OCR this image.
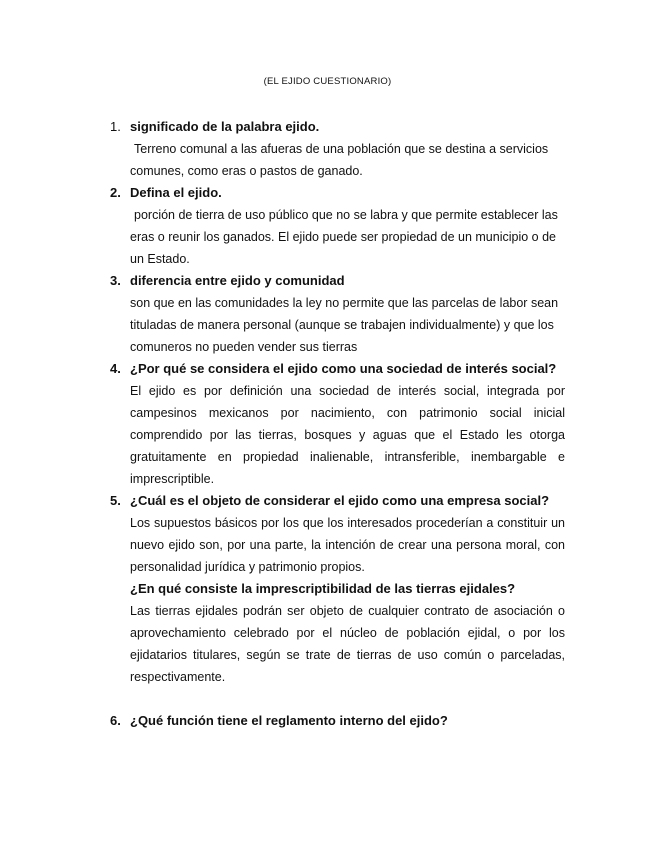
(EL EJIDO CUESTIONARIO)
1. significado de la palabra ejido.
Terreno comunal a las afueras de una población que se destina a servicios comunes, como eras o pastos de ganado.
2. Defina el ejido.
porción de tierra de uso público que no se labra y que permite establecer las eras o reunir los ganados. El ejido puede ser propiedad de un municipio o de un Estado.
3. diferencia entre ejido y comunidad
son que en las comunidades la ley no permite que las parcelas de labor sean tituladas de manera personal (aunque se trabajen individualmente) y que los comuneros no pueden vender sus tierras
4. ¿Por qué se considera el ejido como una sociedad de interés social?
El ejido es por definición una sociedad de interés social, integrada por campesinos mexicanos por nacimiento, con patrimonio social inicial comprendido por las tierras, bosques y aguas que el Estado les otorga gratuitamente en propiedad inalienable, intransferible, inembargable e imprescriptible.
5. ¿Cuál es el objeto de considerar el ejido como una empresa social?
Los supuestos básicos por los que los interesados procederían a constituir un nuevo ejido son, por una parte, la intención de crear una persona moral, con personalidad jurídica y patrimonio propios.
¿En qué consiste la imprescriptibilidad de las tierras ejidales?
Las tierras ejidales podrán ser objeto de cualquier contrato de asociación o aprovechamiento celebrado por el núcleo de población ejidal, o por los ejidatarios titulares, según se trate de tierras de uso común o parceladas, respectivamente.
6. ¿Qué función tiene el reglamento interno del ejido?
